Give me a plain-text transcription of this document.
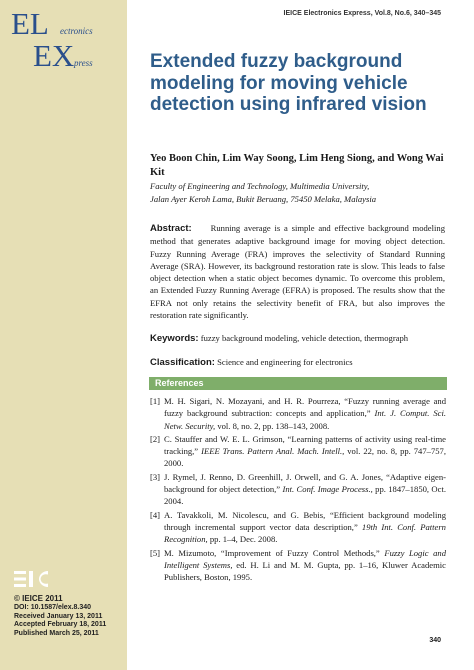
EL ectronics
EX press
© IEICE 2011
DOI: 10.1587/elex.8.340
Received January 13, 2011
Accepted February 18, 2011
Published March 25, 2011
IEICE Electronics Express, Vol.8, No.6, 340–345
Extended fuzzy background modeling for moving vehicle detection using infrared vision
Yeo Boon Chin, Lim Way Soong, Lim Heng Siong, and Wong Wai Kit
Faculty of Engineering and Technology, Multimedia University,
Jalan Ayer Keroh Lama, Bukit Beruang, 75450 Melaka, Malaysia
Abstract: Running average is a simple and effective background modeling method that generates adaptive background image for moving object detection. Fuzzy Running Average (FRA) improves the selectivity of Standard Running Average (SRA). However, its background restoration rate is slow. This leads to false object detection when a static object becomes dynamic. To overcome this problem, an Extended Fuzzy Running Average (EFRA) is proposed. The results show that the EFRA not only retains the selectivity benefit of FRA, but also improves the restoration rate significantly.
Keywords: fuzzy background modeling, vehicle detection, thermograph
Classification: Science and engineering for electronics
References
[1] M. H. Sigari, N. Mozayani, and H. R. Pourreza, “Fuzzy running average and fuzzy background subtraction: concepts and application,” Int. J. Comput. Sci. Netw. Security, vol. 8, no. 2, pp. 138–143, 2008.
[2] C. Stauffer and W. E. L. Grimson, “Learning patterns of activity using real-time tracking,” IEEE Trans. Pattern Anal. Mach. Intell., vol. 22, no. 8, pp. 747–757, 2000.
[3] J. Rymel, J. Renno, D. Greenhill, J. Orwell, and G. A. Jones, “Adaptive eigen-background for object detection,” Int. Conf. Image Process., pp. 1847–1850, Oct. 2004.
[4] A. Tavakkoli, M. Nicolescu, and G. Bebis, “Efficient background modeling through incremental support vector data description,” 19th Int. Conf. Pattern Recognition, pp. 1–4, Dec. 2008.
[5] M. Mizumoto, “Improvement of Fuzzy Control Methods,” Fuzzy Logic and Intelligent Systems, ed. H. Li and M. M. Gupta, pp. 1–16, Kluwer Academic Publishers, Boston, 1995.
340
